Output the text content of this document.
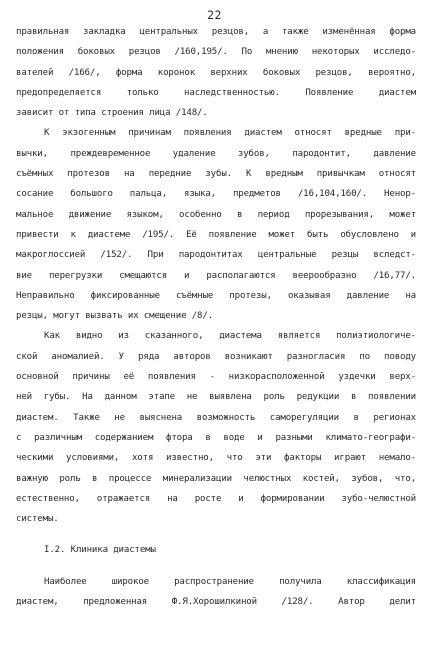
22
правильная закладка центральных резцов, а также изменённая форма
положения боковых резцов /160,195/. По мнению некоторых исследо-
вателей /166/, форма коронок верхних боковых резцов, вероятно,
предопределяется только наследственностью. Появление диастем
зависит от типа строения лица /148/.
К экзогенным причинам появления диастем относят вредные при-
вычки, преждевременное удаление зубов, пародонтит, давление
съёмных протезов на передние зубы. К вредным привычкам относят
сосание большого пальца, языка, предметов /16,104,160/. Ненор-
мальное движение языком, особенно в период прорезывания, может
привести к диастеме /195/. Её появление может быть обусловлено и
макроглоссией /152/. При пародонтитах центральные резцы вследст-
вие перегрузки смещаются и располагаются веерообразно /16,77/.
Неправильно фиксированные съёмные протезы, оказывая давление на
резцы, могут вызвать их смещение /8/.
Как видно из сказанного, диастема является полиэтиологиче-
ской аномалией. У ряда авторов возникают разногласия по поводу
основной причины её появления - низкорасположенной уздечки верх-
ней губы. На данном этапе не выявлена роль редукции в появлении
диастем. Также не выяснена возможность саморегуляции в регионах
с различным содержанием фтора в воде и разными климато-географи-
ческими условиями, хотя известно, что эти факторы играют немало-
важную роль в процессе минерализации челюстных костей, зубов, что,
естественно, отражается на росте и формировании зубо-челюстной
системы.
I.2. Клиника диастемы
Наиболее широкое распространение получила классификация
диастем, предложенная Ф.Я.Хорошилкиной /128/. Автор делит
